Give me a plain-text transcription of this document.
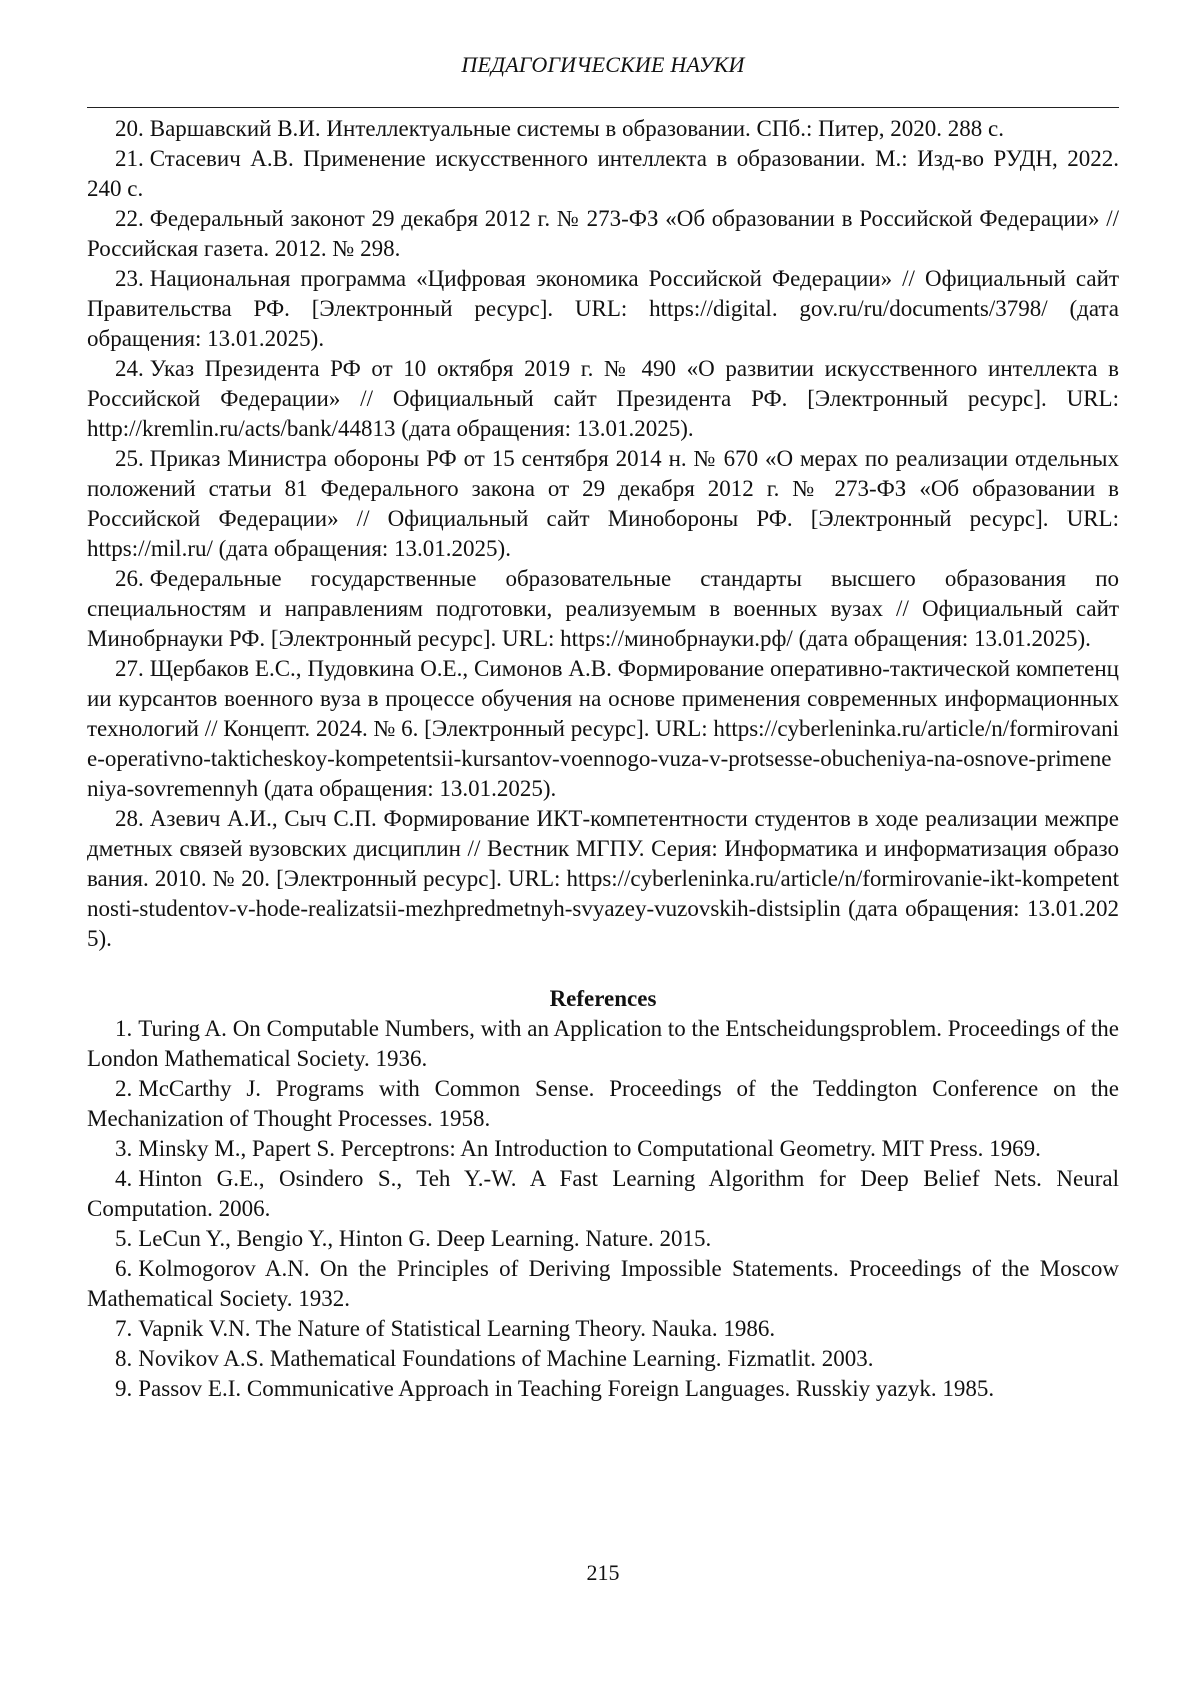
ПЕДАГОГИЧЕСКИЕ НАУКИ

20. Варшавский В.И. Интеллектуальные системы в образовании. СПб.: Питер, 2020. 288 с.

21. Стасевич А.В. Применение искусственного интеллекта в образовании. М.: Изд-во РУДН, 2022. 240 с.

22. Федеральный законот 29 декабря 2012 г. № 273-ФЗ «Об образовании в Российской Федерации» // Российская газета. 2012. № 298.

23. Национальная программа «Цифровая экономика Российской Федерации» // Официальный сайт Правительства РФ. [Электронный ресурс]. URL: https://digital. gov.ru/ru/documents/3798/ (дата обращения: 13.01.2025).

24. Указ Президента РФ от 10 октября 2019 г. № 490 «О развитии искусственного интеллекта в Российской Федерации» // Официальный сайт Президента РФ. [Электронный ресурс]. URL: http://kremlin.ru/acts/bank/44813 (дата обращения: 13.01.2025).

25. Приказ Министра обороны РФ от 15 сентября 2014 н. № 670 «О мерах по реализации отдельных положений статьи 81 Федерального закона от 29 декабря 2012 г. № 273-ФЗ «Об образовании в Российской Федерации» // Официальный сайт Минобороны РФ. [Электронный ресурс]. URL: https://mil.ru/ (дата обращения: 13.01.2025).

26. Федеральные государственные образовательные стандарты высшего образования по специальностям и направлениям подготовки, реализуемым в военных вузах // Официальный сайт Минобрнауки РФ. [Электронный ресурс]. URL: https://минобрнауки.рф/ (дата обращения: 13.01.2025).

27. Щербаков Е.С., Пудовкина О.Е., Симонов А.В. Формирование оперативно-тактической компетенции курсантов военного вуза в процессе обучения на основе применения современных информационных технологий // Концепт. 2024. № 6. [Электронный ресурс]. URL: https://cyberleninka.ru/article/n/formirovanie-operativno-takticheskoy-kompetentsii-kursantov-voennogo-vuza-v-protsesse-obucheniya-na-osnove-primene niya-sovremennyh (дата обращения: 13.01.2025).

28. Азевич А.И., Сыч С.П. Формирование ИКТ-компетентности студентов в ходе реализации межпредметных связей вузовских дисциплин // Вестник МГПУ. Серия: Информатика и информатизация образования. 2010. № 20. [Электронный ресурс]. URL: https://cyberleninka.ru/article/n/formirovanie-ikt-kompetentnosti-studentov-v-hode-realizatsii-mezhpredmetnyh-svyazey-vuzovskih-distsiplin (дата обращения: 13.01.2025).

References

1. Turing A. On Computable Numbers, with an Application to the Entscheidungsproblem. Proceedings of the London Mathematical Society. 1936.

2. McCarthy J. Programs with Common Sense. Proceedings of the Teddington Conference on the Mechanization of Thought Processes. 1958.

3. Minsky M., Papert S. Perceptrons: An Introduction to Computational Geometry. MIT Press. 1969.

4. Hinton G.E., Osindero S., Teh Y.-W. A Fast Learning Algorithm for Deep Belief Nets. Neural Computation. 2006.

5. LeCun Y., Bengio Y., Hinton G. Deep Learning. Nature. 2015.

6. Kolmogorov A.N. On the Principles of Deriving Impossible Statements. Proceedings of the Moscow Mathematical Society. 1932.

7. Vapnik V.N. The Nature of Statistical Learning Theory. Nauka. 1986.

8. Novikov A.S. Mathematical Foundations of Machine Learning. Fizmatlit. 2003.

9. Passov E.I. Communicative Approach in Teaching Foreign Languages. Russkiy yazyk. 1985.

215
